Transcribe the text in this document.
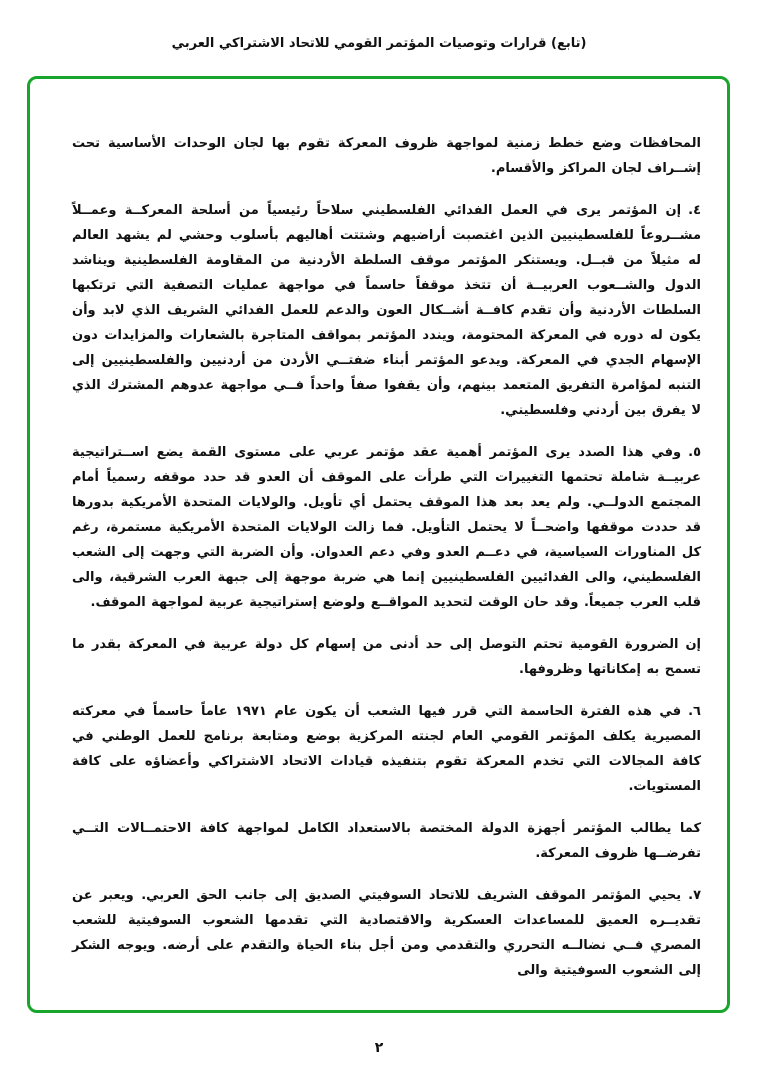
(تابع) قرارات وتوصيات المؤتمر القومي للاتحاد الاشتراكي العربي

المحافظات وضع خطط زمنية لمواجهة ظروف المعركة تقوم بها لجان الوحدات الأساسية تحت إشــراف لجان المراكز والأقسام.

٤.إن المؤتمر يرى في العمل الفدائي الفلسطيني سلاحاً رئيسياً من أسلحة المعركــة وعمــلاً مشــروعاً للفلسطينيين الذين اغتصبت أراضيهم وشتتت أهاليهم بأسلوب وحشي لم يشهد العالم له مثيلاً من قبــل. ويستنكر المؤتمر موقف السلطة الأردنية من المقاومة الفلسطينية ويناشد الدول والشــعوب العربيــة أن تتخذ موقفاً حاسماً في مواجهة عمليات التصفية التي ترتكبها السلطات الأردنية وأن تقدم كافــة أشــكال العون والدعم للعمل الفدائي الشريف الذي لابد وأن يكون له دوره في المعركة المحتومة، ويندد المؤتمر بمواقف المتاجرة بالشعارات والمزايدات دون الإسهام الجدي في المعركة. ويدعو المؤتمر أبناء ضفتــي الأردن من أردنيين والفلسطينيين إلى التنبه لمؤامرة التفريق المتعمد بينهم، وأن يقفوا صفاً واحداً فــي مواجهة عدوهم المشترك الذي لا يفرق بين أردني وفلسطيني.

٥.وفي هذا الصدد يرى المؤتمر أهمية عقد مؤتمر عربي على مستوى القمة يضع اســتراتيجية عربيــة شاملة تحتمها التغييرات التي طرأت على الموقف أن العدو قد حدد موقفه رسمياً أمام المجتمع الدولــي. ولم يعد بعد هذا الموقف يحتمل أي تأويل. والولايات المتحدة الأمريكية بدورها قد حددت موقفها واضحــاً لا يحتمل التأويل. فما زالت الولايات المتحدة الأمريكية مستمرة، رغم كل المناورات السياسية، في دعــم العدو وفي دعم العدوان. وأن الضربة التي وجهت إلى الشعب الفلسطيني، والى الفدائيين الفلسطينيين إنما هي ضربة موجهة إلى جبهة العرب الشرقية، والى قلب العرب جميعاً. وقد حان الوقت لتحديد المواقــع ولوضع إستراتيجية عربية لمواجهة الموقف.

إن الضرورة القومية تحتم التوصل إلى حد أدنى من إسهام كل دولة عربية في المعركة بقدر ما تسمح به إمكاناتها وظروفها.

٦.في هذه الفترة الحاسمة التي قرر فيها الشعب أن يكون عام ١٩٧١ عاماً حاسماً في معركته المصيرية يكلف المؤتمر القومي العام لجنته المركزية بوضع ومتابعة برنامج للعمل الوطني في كافة المجالات التي تخدم المعركة تقوم بتنفيذه قيادات الاتحاد الاشتراكي وأعضاؤه على كافة المستويات.

كما يطالب المؤتمر أجهزة الدولة المختصة بالاستعداد الكامل لمواجهة كافة الاحتمــالات التــي تفرضــها ظروف المعركة.

٧.يحيي المؤتمر الموقف الشريف للاتحاد السوفيتي الصديق إلى جانب الحق العربي. ويعبر عن تقديــره العميق للمساعدات العسكرية والاقتصادية التي تقدمها الشعوب السوفيتية للشعب المصري فــي نضالــه التحرري والتقدمي ومن أجل بناء الحياة والتقدم على أرضه. ويوجه الشكر إلى الشعوب السوفيتية والى

٢
